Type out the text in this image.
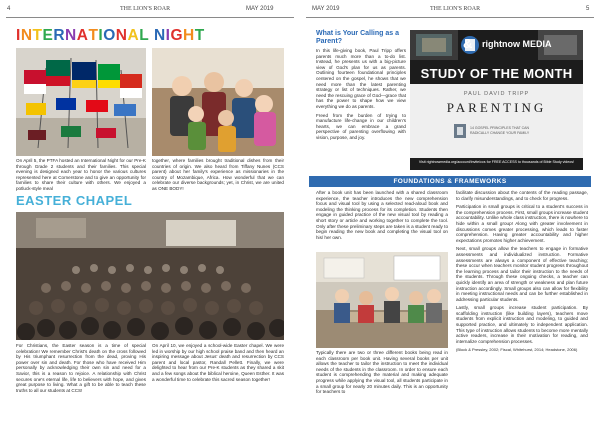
4	THE LION'S ROAR	MAY 2019
INTERNATIONAL NIGHT

On April 5, the PTFA hosted an International Night for our Pre-K through Grade 2 students and their families. This special evening is designed each year to honor the various cultures represented here at Cornerstone and to give an opportunity for families to share their culture with others. We enjoyed a potluck-style meal

together, where families brought traditional dishes from their countries of origin. We also heard from Tiffany Nunes (CCS parent) about her family's experience as missionaries in the country of Mozambique, Africa. How wonderful that we can celebrate our diverse backgrounds; yet, in Christ, we are united as ONE BODY!

EASTER CHAPEL

For Christians, the Easter season is a time of special celebration! We remember Christ's death on the cross followed by His triumphant resurrection from the dead, proving His power over sin and death. For those who have received Him personally by acknowledging their own sin and need for a Savior, this is a reason to rejoice. A relationship with Christ secures one's eternal life, life to believers with hope, and gives great purpose to living. What a gift to be able to teach these truths to all our students at CCS!

On April 10, we enjoyed a school-wide Easter chapel. We were led in worship by our high school praise band and then heard an inspiring message about Jesus' death and resurrection by CCS parent and local pastor, Randall Pellett. Finally, we were delighted to hear from our Pre-K students as they shared a skit and a few songs about the biblical heroine, Queen Esther. It was a wonderful time to celebrate this sacred season together!

MAY 2019	THE LION'S ROAR	5
What is Your Calling as a Parent?

In this life-giving book, Paul Tripp offers parents much more than a to-do list. Instead, he presents us with a big-picture view of God's plan for us as parents. Outlining fourteen foundational principles centered on the gospel, he shows that we need more than the latest parenting strategy or list of techniques. Rather, we need the rescuing grace of God—grace that has the power to shape how we view everything we do as parents.

Freed from the burden of trying to manufacture life-change in our children's hearts, we can embrace a grand perspective of parenting overflowing with vision, purpose, and joy.

& rightnow MEDIA
STUDY OF THE MONTH
PAUL DAVID TRIPP
PARENTING
14 GOSPEL PRINCIPLES THAT CAN RADICALLY CHANGE YOUR FAMILY
Visit rightnowmedia.org/account/invite/ccs for FREE ACCESS to thousands of Bible Study videos!
FOUNDATIONS & FRAMEWORKS

After a book unit has been launched with a shared classroom experience, the teacher introduces the new comprehension focus and visual tool by using a selected read-aloud book and modeling the thinking process for its completion. Students then engage in guided practice of the new visual tool by reading a short story or article and working together to complete the tool. Only after these preliminary steps are taken is a student ready to begin reading the new book and completing the visual tool on his/ her own.

Typically there are two or three different books being read in each classroom per book unit. Having several books per unit allows the teacher to tailor the instruction to meet the individual needs of the students in the classroom. In order to ensure each student is comprehending the material and making adequate progress while applying the visual tool, all students participate in a small group for nearly 20 minutes daily. This is an opportunity for teachers to

facilitate discussion about the contents of the reading passage, to clarify misunderstandings, and to check for progress.

Participation in small groups is critical to a student's success in the comprehension process. First, small groups increase student accountability. Unlike whole class instruction, there is nowhere to hide within a small group! Along with greater involvement in discussions comes greater processing, which leads to faster comprehension. Having greater accountability and higher expectations promotes higher achievement.

Next, small groups allow the teachers to engage in formative assessments and individualized instruction. Formative assessments are always a component of effective teaching; these occur when teachers monitor student progress throughout the learning process and tailor their instruction to the needs of the students. Through these ongoing checks, a teacher can quickly identify an area of strength or weakness and plan future instruction accordingly. Small groups also can allow for flexibility in meeting instructional needs and can be further established in addressing particular students.

Lastly, small groups increase student participation. By scaffolding instruction (like building layers), teachers move students from explicit instruction and modeling, to guided and supported practice, and ultimately to independent application. This type of instruction allows students to become more mentally active readers, increase in their motivation for reading, and internalize comprehension processes.

(Block & Pressley, 2002; Fiscal, Whitehurst, 2014; Headstone, 2006)
